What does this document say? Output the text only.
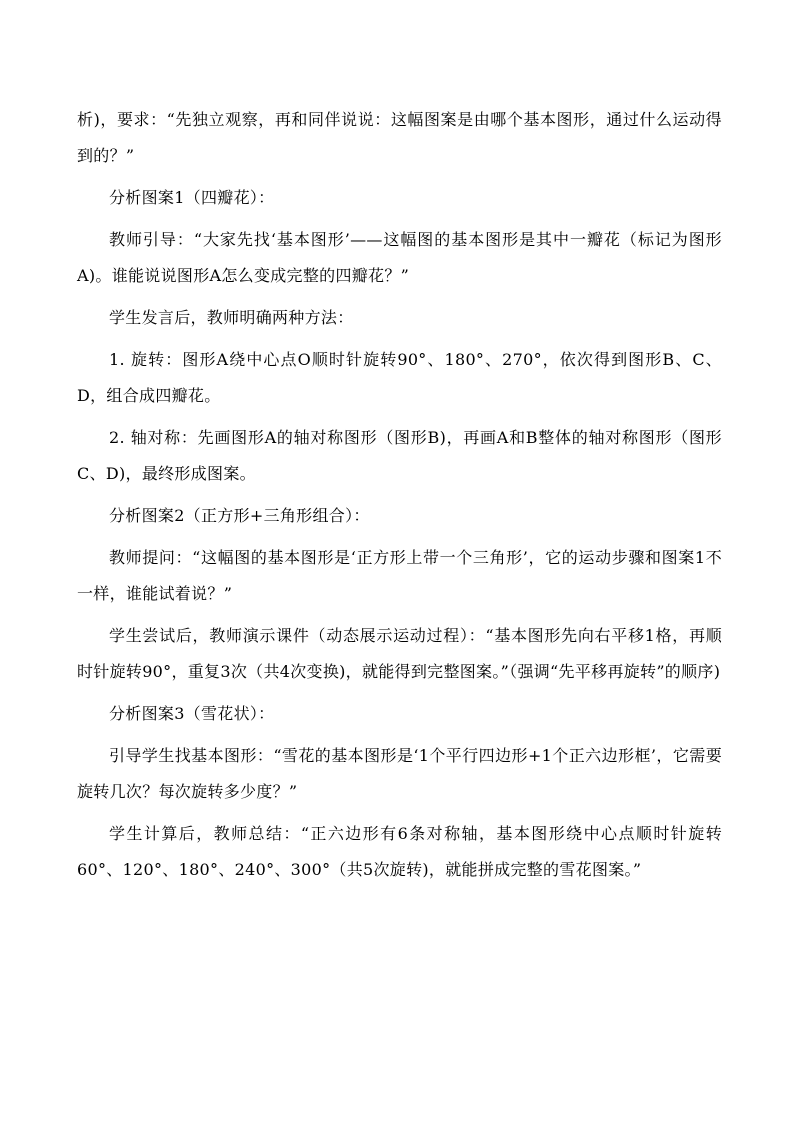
析)，要求：“先独立观察，再和同伴说说：这幅图案是由哪个基本图形，通过什么运动得到的？”

分析图案1（四瓣花）：

教师引导：“大家先找‘基本图形’——这幅图的基本图形是其中一瓣花（标记为图形A)。谁能说说图形A怎么变成完整的四瓣花？”

学生发言后，教师明确两种方法：

1. 旋转：图形A绕中心点O顺时针旋转90°、180°、270°，依次得到图形B、C、D，组合成四瓣花。

2. 轴对称：先画图形A的轴对称图形（图形B)，再画A和B整体的轴对称图形（图形C、D)，最终形成图案。

分析图案2（正方形+三角形组合）：

教师提问：“这幅图的基本图形是‘正方形上带一个三角形’，它的运动步骤和图案1不一样，谁能试着说？”

学生尝试后，教师演示课件（动态展示运动过程）：“基本图形先向右平移1格，再顺时针旋转90°，重复3次（共4次变换)，就能得到完整图案。”（强调“先平移再旋转”的顺序)

分析图案3（雪花状）：

引导学生找基本图形：“雪花的基本图形是‘1个平行四边形+1个正六边形框’，它需要旋转几次？每次旋转多少度？”

学生计算后，教师总结：“正六边形有6条对称轴，基本图形绕中心点顺时针旋转60°、120°、180°、240°、300°（共5次旋转)，就能拼成完整的雪花图案。”
